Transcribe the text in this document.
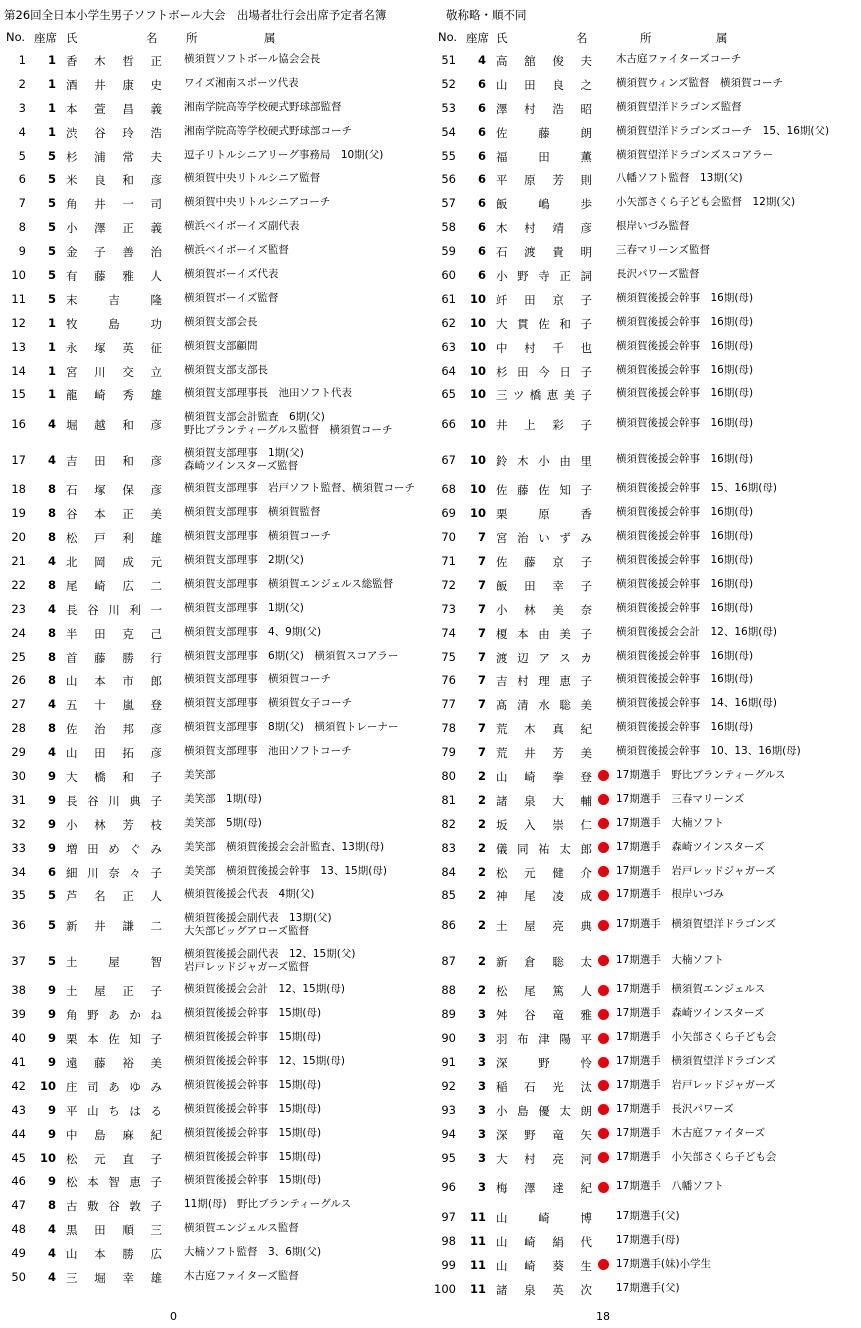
第26回全日本小学生男子ソフトボール大会　出場者壮行会出席予定者名簿	敬称略・順不同
No. 座席 氏	名 所	属
1	1 香木哲正 横須賀ソフトボール協会会長
2	1 酒井康史 ワイズ湘南スポーツ代表
3	1 本萱昌義 湘南学院高等学校硬式野球部監督
4	1 渋谷玲浩 湘南学院高等学校硬式野球部コーチ
5	5 杉浦常夫 逗子リトルシニアリーグ事務局　10期(父)
6	5 米良和彦 横須賀中央リトルシニア監督
7	5 角井一司 横須賀中央リトルシニアコーチ
8	5 小澤正義 横浜ベイボーイズ副代表
9	5 金子善治 横浜ベイボーイズ監督
10	5 有藤雅人 横須賀ボーイズ代表
11	5 末吉隆 横須賀ボーイズ監督
12	1 牧島功 横須賀支部会長
13	1 永塚英征 横須賀支部顧問
14	1 宮川交立 横須賀支部支部長
15	1 龍崎秀雄 横須賀支部理事長　池田ソフト代表
16	4 堀越和彦
横須賀支部会計監査　6期(父)
野比ブランティーグルス監督　横須賀コーチ
17	4 吉田和彦
横須賀支部理事　1期(父)
森崎ツインスターズ監督
18	8 石塚保彦 横須賀支部理事　岩戸ソフト監督、横須賀コーチ
19	8 谷本正美 横須賀支部理事　横須賀監督
20	8 松戸利雄 横須賀支部理事　横須賀コーチ
21	4 北岡成元 横須賀支部理事　2期(父)
22	8 尾崎広二 横須賀支部理事　横須賀エンジェルス総監督
23	4 長谷川利一 横須賀支部理事　1期(父)
24	8 半田克己 横須賀支部理事　4、9期(父)
25	8 首藤勝行 横須賀支部理事　6期(父)　横須賀スコアラー
26	8 山本市郎 横須賀支部理事　横須賀コーチ
27	4 五十嵐登 横須賀支部理事　横須賀女子コーチ
28	8 佐治邦彦 横須賀支部理事　8期(父)　横須賀トレーナー
29	4 山田拓彦 横須賀支部理事　池田ソフトコーチ
30	9 大橋和子 美笑部
31	9 長谷川典子 美笑部　1期(母)
32	9 小林芳枝 美笑部　5期(母)
33	9 増田めぐみ 美笑部　横須賀後援会会計監査、13期(母)
34	6 細川奈々子 美笑部　横須賀後援会幹事　13、15期(母)
35	5 芦名正人 横須賀後援会代表　4期(父)
36	5 新井謙二
横須賀後援会副代表　13期(父)
大矢部ビッグアローズ監督
37	5 土屋智
横須賀後援会副代表　12、15期(父)
岩戸レッドジャガーズ監督
38	9 土屋正子 横須賀後援会会計　12、15期(母)
39	9 角野あかね 横須賀後援会幹事　15期(母)
40	9 栗本佐知子 横須賀後援会幹事　15期(母)
41	9 遠藤裕美 横須賀後援会幹事　12、15期(母)
42	10 庄司あゆみ 横須賀後援会幹事　15期(母)
43	9 平山ちはる 横須賀後援会幹事　15期(母)
44	9 中島麻紀 横須賀後援会幹事　15期(母)
45	10 松元直子 横須賀後援会幹事　15期(母)
46	9 松本智恵子 横須賀後援会幹事　15期(母)
47	8 古敷谷敦子 11期(母)　野比ブランティーグルス
48	4 黒田順三 横須賀エンジェルス監督
49	4 山本勝広 大楠ソフト監督　3、6期(父)
50	4 三堀幸雄 木古庭ファイターズ監督
No. 座席 氏	名	所	属
51	4 高舘俊夫 木古庭ファイターズコーチ
52	6 山田良之 横須賀ウィンズ監督　横須賀コーチ
53	6 澤村浩昭 横須賀望洋ドラゴンズ監督
54	6 佐藤朗 横須賀望洋ドラゴンズコーチ　15、16期(父)
55	6 福田薫 横須賀望洋ドラゴンズスコアラー
56	6 平原芳則 八幡ソフト監督　13期(父)
57	6 飯嶋歩 小矢部さくら子ども会監督　12期(父)
58	6 木村靖彦 根岸いづみ監督
59	6 石渡貴明 三春マリーンズ監督
60	6 小野寺正詞 長沢パワーズ監督
61	10 竏田京子 横須賀後援会幹事　16期(母)
62	10 大貫佐和子 横須賀後援会幹事　16期(母)
63	10 中村千也 横須賀後援会幹事　16期(母)
64	10 杉田今日子 横須賀後援会幹事　16期(母)
65	10 三ツ橋恵美子 横須賀後援会幹事　16期(母)
66	10 井上彩子 横須賀後援会幹事　16期(母)
67	10 鈴木小由里 横須賀後援会幹事　16期(母)
68	10 佐藤佐知子 横須賀後援会幹事　15、16期(母)
69	10 栗原香 横須賀後援会幹事　16期(母)
70	7 宮治いずみ 横須賀後援会幹事　16期(母)
71	7 佐藤京子 横須賀後援会幹事　16期(母)
72	7 飯田幸子 横須賀後援会幹事　16期(母)
73	7 小林美奈 横須賀後援会幹事　16期(母)
74	7 榎本由美子 横須賀後援会会計　12、16期(母)
75	7 渡辺アスカ 横須賀後援会幹事　16期(母)
76	7 吉村理恵子 横須賀後援会幹事　16期(母)
77	7 髙清水聡美 横須賀後援会幹事　14、16期(母)
78	7 荒木真紀 横須賀後援会幹事　16期(母)
79	7 荒井芳美 横須賀後援会幹事　10、13、16期(母)
80	2 山崎拳登 17期選手　野比ブランティーグルス
81	2 諸泉大輔 17期選手　三春マリーンズ
82	2 坂入崇仁 17期選手　大楠ソフト
83	2 儀同祐太郎 17期選手　森崎ツインスターズ
84	2 松元健介 17期選手　岩戸レッドジャガーズ
85	2 神尾凌成 17期選手　根岸いづみ
86	2 土屋亮典 17期選手　横須賀望洋ドラゴンズ
87	2 新倉聡太 17期選手　大楠ソフト
88	2 松尾篤人 17期選手　横須賀エンジェルス
89	3 舛谷竜雅 17期選手　森崎ツインスターズ
90	3 羽布津陽平 17期選手　小矢部さくら子ども会
91	3 深野怜 17期選手　横須賀望洋ドラゴンズ
92	3 稲石光汰 17期選手　岩戸レッドジャガーズ
93	3 小島優太朗 17期選手　長沢パワーズ
94	3 深野竜矢 17期選手　木古庭ファイターズ
95	3 大村亮河 17期選手　小矢部さくら子ども会
96	3 梅澤達紀 17期選手　八幡ソフト
97	11 山崎博 17期選手(父)
98	11 山崎絹代 17期選手(母)
99	11 山崎葵生 17期選手(妹)小学生
100	11 諸泉英次 17期選手(父)
0	18
